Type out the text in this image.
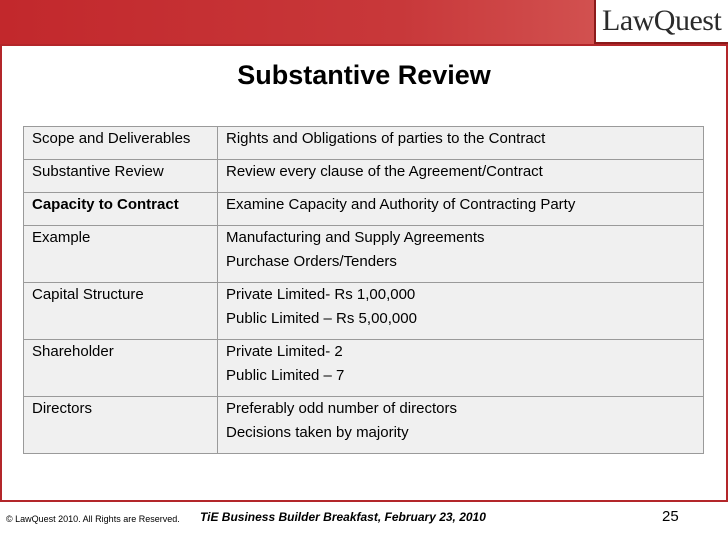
LawQuest
Substantive Review
Scope and Deliverables	Rights and Obligations of parties to the Contract

Substantive Review	Review every clause of the Agreement/Contract

Capacity to Contract	Examine Capacity and Authority of Contracting Party

Example	Manufacturing and Supply Agreements
Purchase Orders/Tenders

Capital Structure	Private Limited- Rs 1,00,000
Public Limited – Rs 5,00,000

Shareholder	Private Limited- 2
Public Limited – 7

Directors	Preferably odd number of directors
Decisions taken by majority
© LawQuest 2010. All Rights are Reserved. TiE Business Builder Breakfast, February 23, 2010	25
